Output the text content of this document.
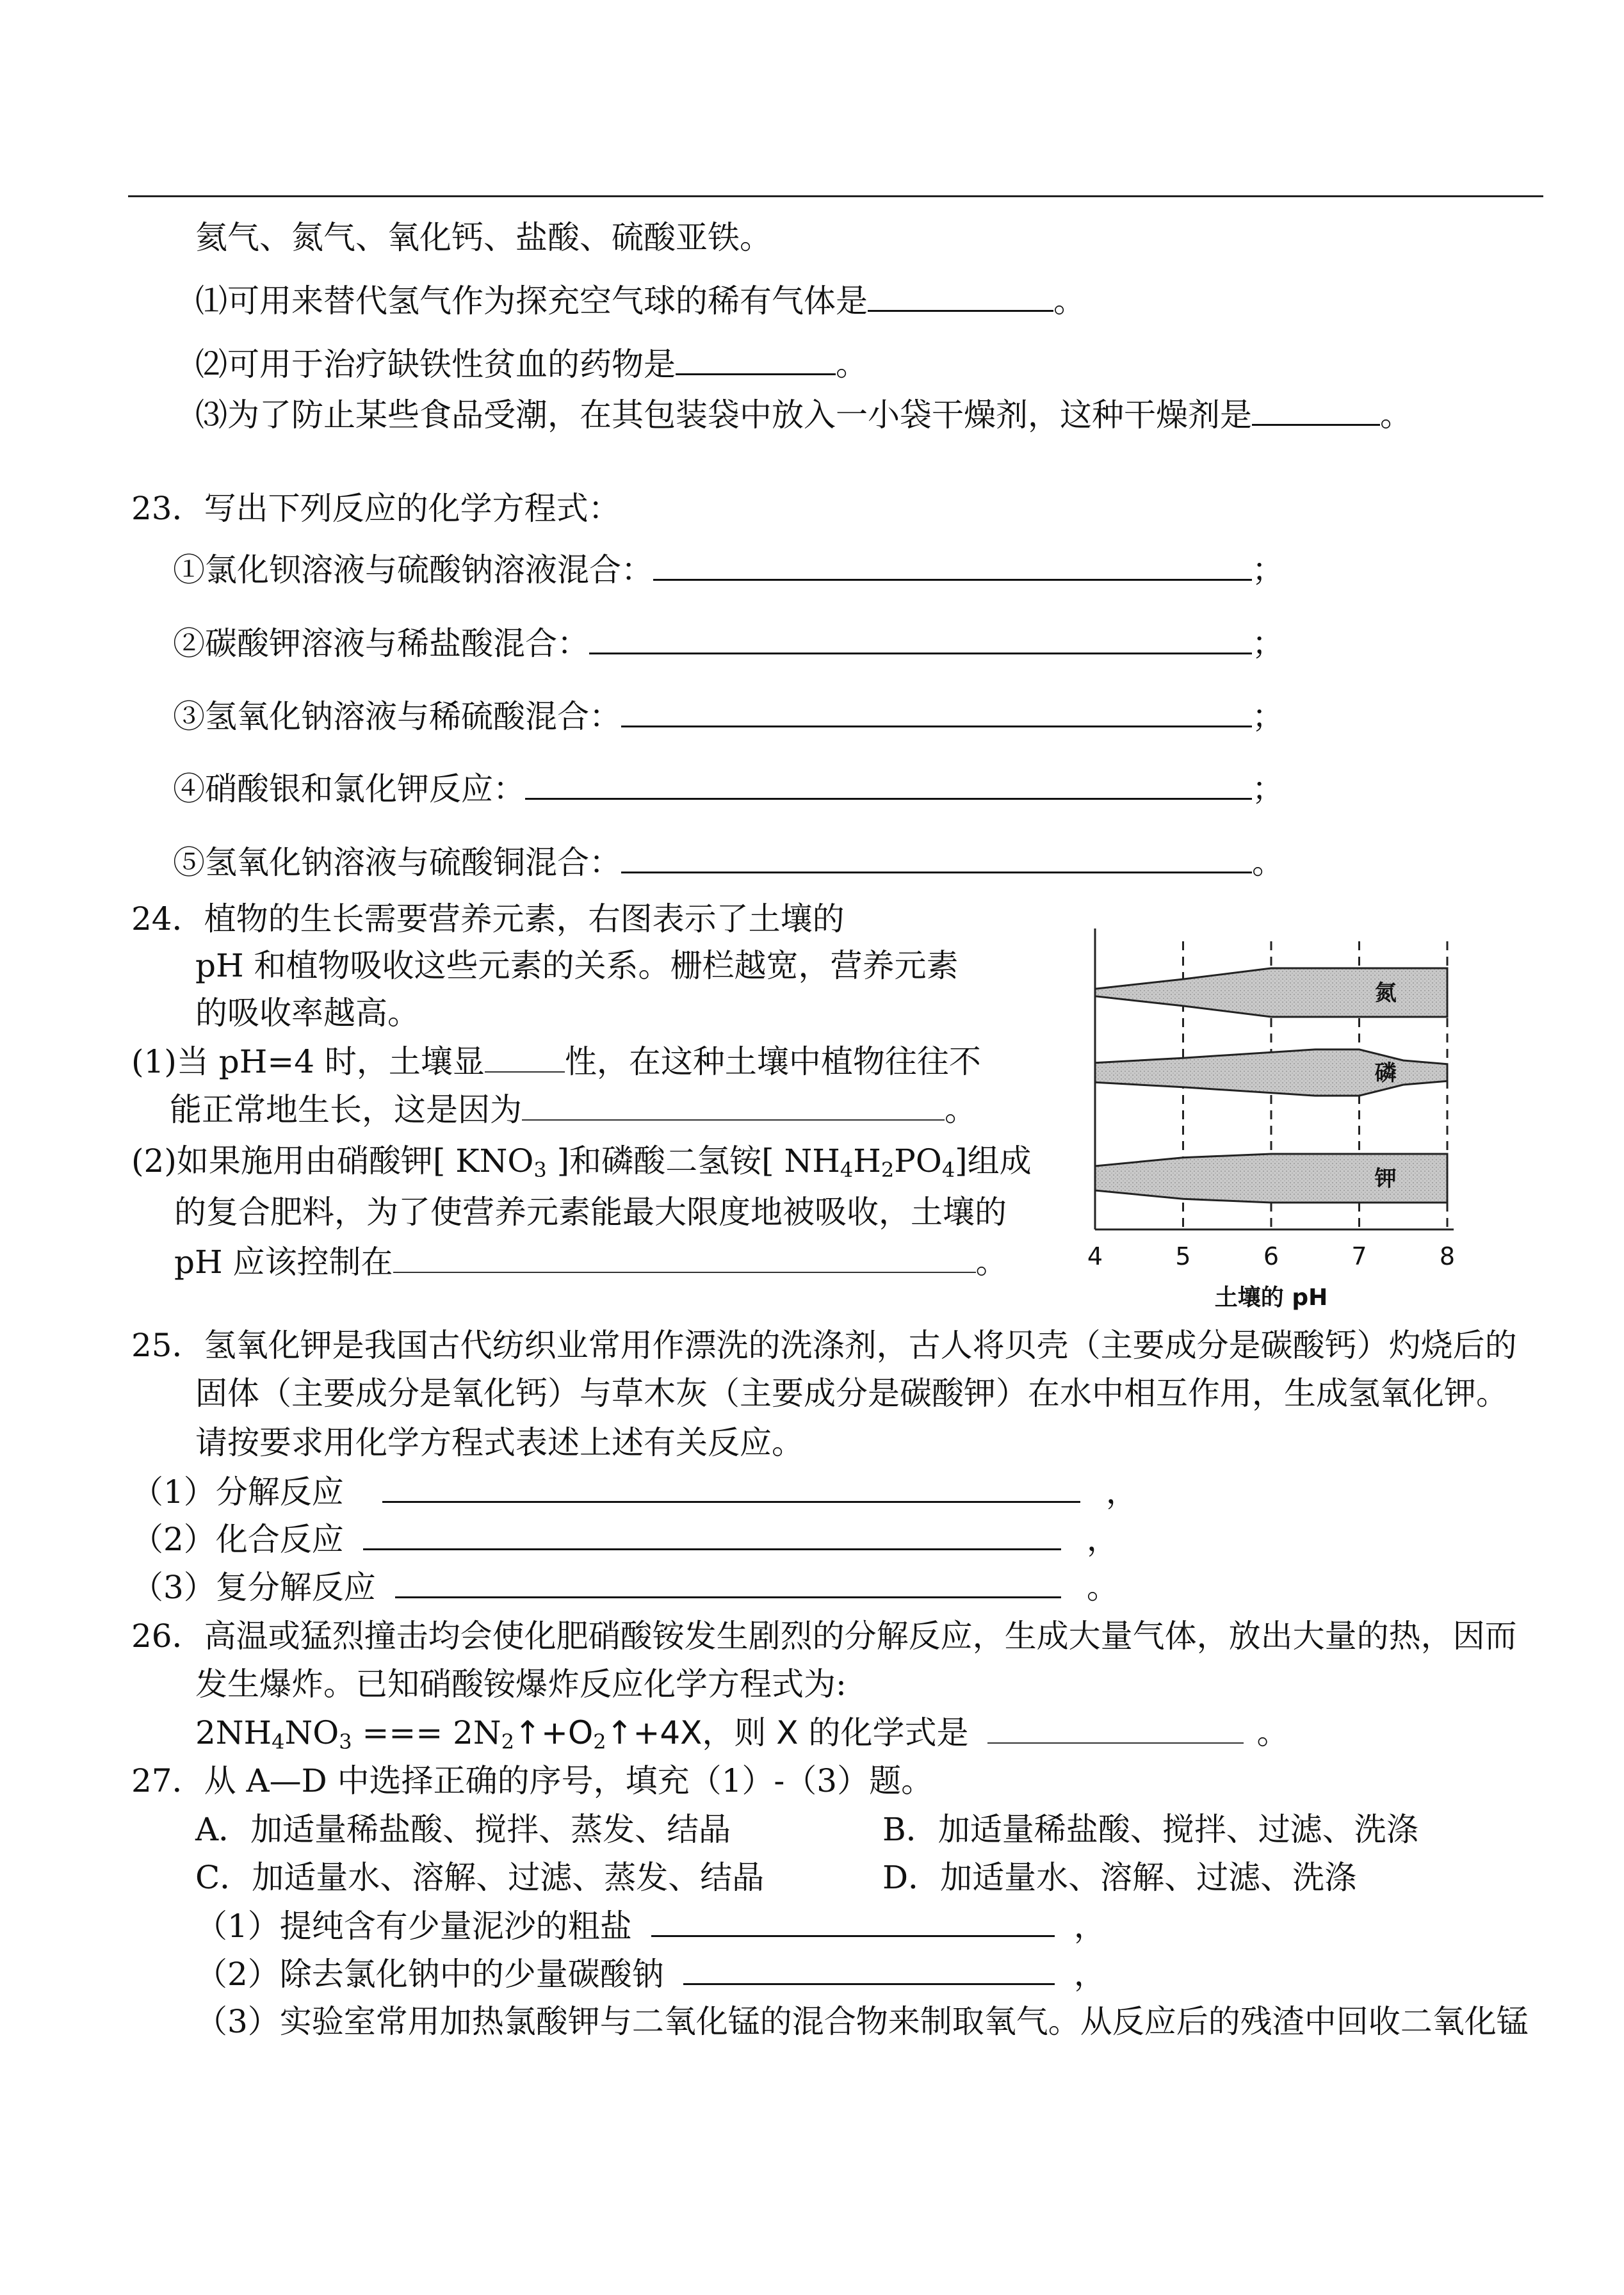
氦气、氮气、氧化钙、盐酸、硫酸亚铁。
⑴可用来替代氢气作为探充空气球的稀有气体是	。
⑵可用于治疗缺铁性贫血的药物是	。
⑶为了防止某些食品受潮，在其包装袋中放入一小袋干燥剂，这种干燥剂是	。
23．写出下列反应的化学方程式：
①氯化钡溶液与硫酸钠溶液混合：	；
②碳酸钾溶液与稀盐酸混合：	；
③氢氧化钠溶液与稀硫酸混合：	；
④硝酸银和氯化钾反应：	；
⑤氢氧化钠溶液与硫酸铜混合：	。
24．植物的生长需要营养元素，右图表示了土壤的
pH 和植物吸收这些元素的关系。栅栏越宽，营养元素
的吸收率越高。
(1)当 pH=4 时，土壤显	性，在这种土壤中植物往往不
能正常地生长，这是因为	。
(2)如果施用由硝酸钾[ $KNO_3$ ]和磷酸二氢铵[ $NH_4H_2PO_4$]组成
的复合肥料，为了使营养元素能最大限度地被吸收，土壤的
pH 应该控制在	。
氮
磷
钾
4	5	6	7	8
土壤的 pH
25．氢氧化钾是我国古代纺织业常用作漂洗的洗涤剂，古人将贝壳（主要成分是碳酸钙）灼烧后的
固体（主要成分是氧化钙）与草木灰（主要成分是碳酸钾）在水中相互作用，生成氢氧化钾。
请按要求用化学方程式表述上述有关反应。
（1）分解反应	，
（2）化合反应	，
（3）复分解反应	。
26．高温或猛烈撞击均会使化肥硝酸铵发生剧烈的分解反应，生成大量气体，放出大量的热，因而
发生爆炸。已知硝酸铵爆炸反应化学方程式为:
$2NH_4NO_3$ === $2N_2↑+O_2↑+4X$，则 X 的化学式是	。
27．从 A—D 中选择正确的序号，填充（1）-（3）题。
A．加适量稀盐酸、搅拌、蒸发、结晶	B．加适量稀盐酸、搅拌、过滤、洗涤
C．加适量水、溶解、过滤、蒸发、结晶	D．加适量水、溶解、过滤、洗涤
（1）提纯含有少量泥沙的粗盐	，
（2）除去氯化钠中的少量碳酸钠	，
（3）实验室常用加热氯酸钾与二氧化锰的混合物来制取氧气。从反应后的残渣中回收二氧化锰
